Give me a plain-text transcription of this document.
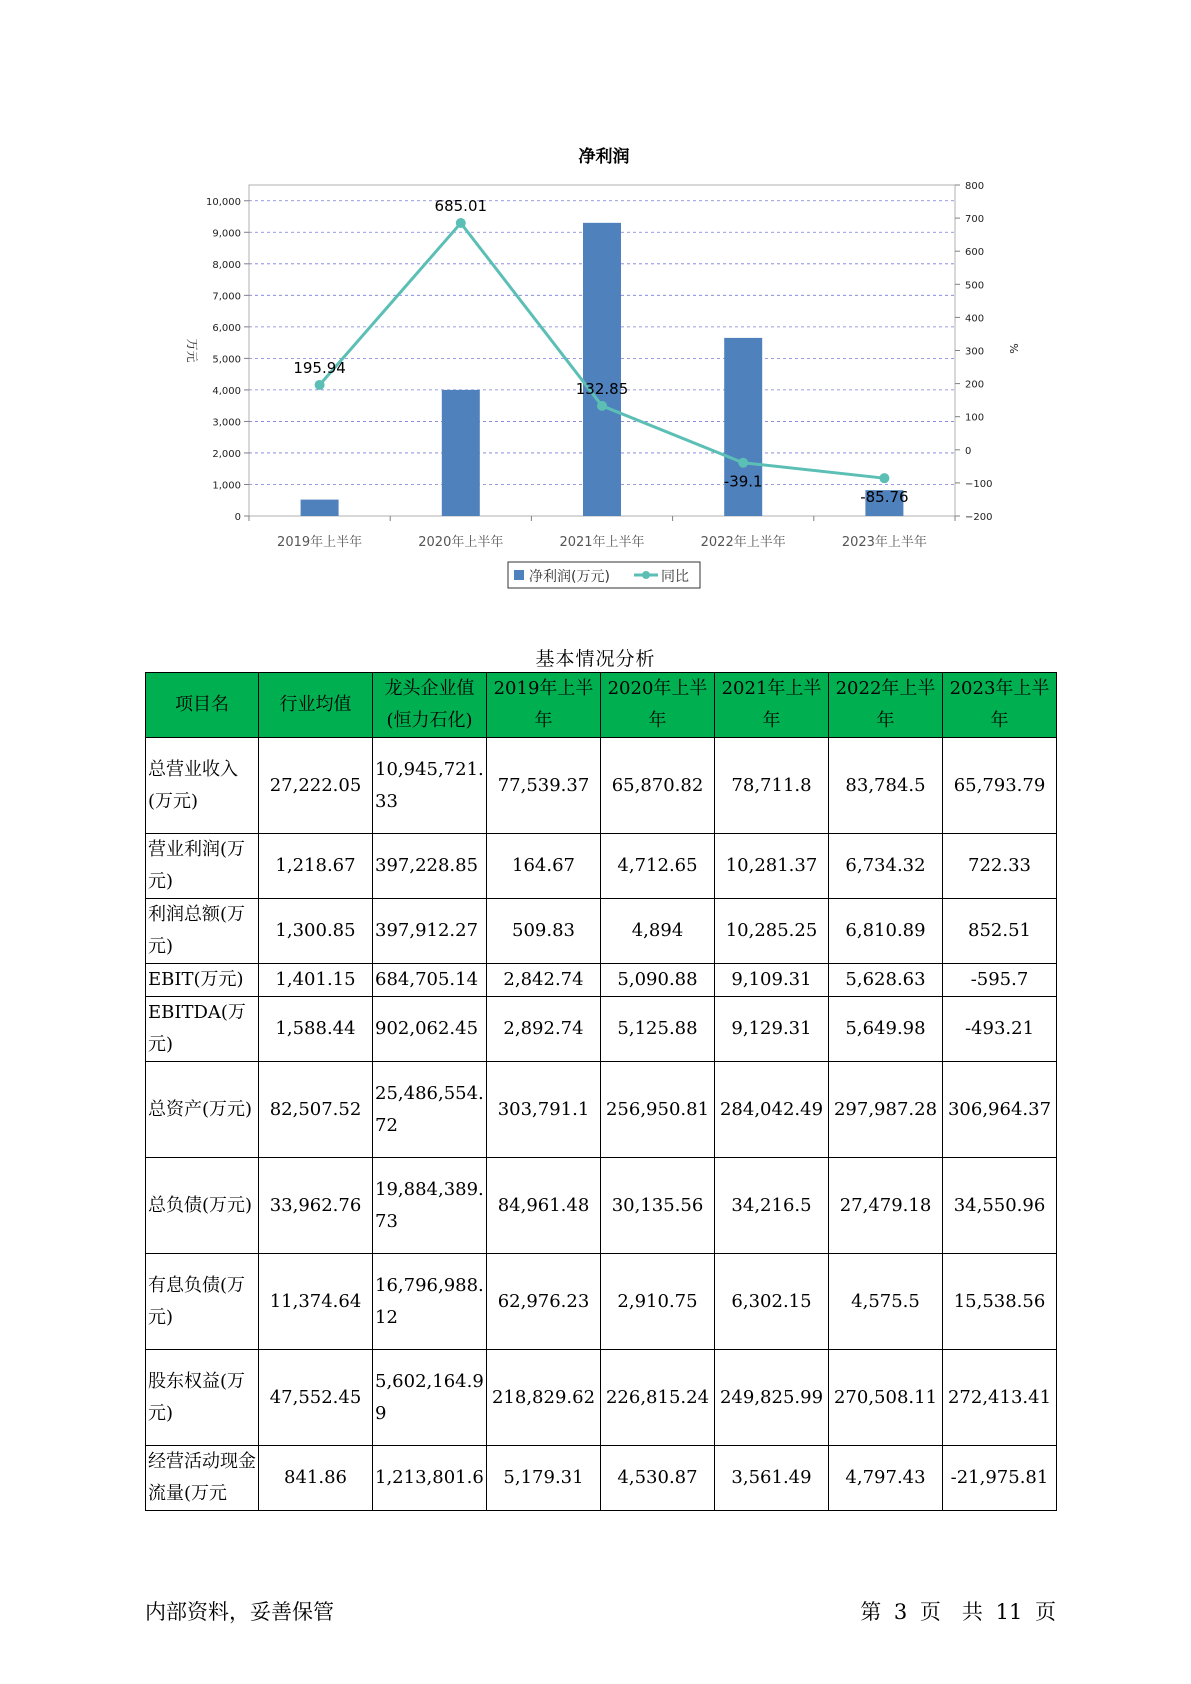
净利润
0
1,000
2,000
3,000
4,000
5,000
6,000
7,000
8,000
9,000
10,000
−200
−100
0
100
200
300
400
500
600
700
800
万元	%
2019年上半年	2020年上半年	2021年上半年	2022年上半年	2023年上半年
195.94
685.01
132.85
-39.1
-85.76
净利润(万元)	同比
基本情况分析
项目名	行业均值	龙头企业值(恒力石化)	2019年上半年	2020年上半年	2021年上半年	2022年上半年	2023年上半年
总营业收入(万元)	27,222.05	10,945,721.33	77,539.37	65,870.82	78,711.8	83,784.5	65,793.79
营业利润(万元)	1,218.67	397,228.85	164.67	4,712.65	10,281.37	6,734.32	722.33
利润总额(万元)	1,300.85	397,912.27	509.83	4,894	10,285.25	6,810.89	852.51
EBIT(万元)	1,401.15	684,705.14	2,842.74	5,090.88	9,109.31	5,628.63	-595.7
EBITDA(万元)	1,588.44	902,062.45	2,892.74	5,125.88	9,129.31	5,649.98	-493.21
总资产(万元)	82,507.52	25,486,554.72	303,791.1	256,950.81	284,042.49	297,987.28	306,964.37
总负债(万元)	33,962.76	19,884,389.73	84,961.48	30,135.56	34,216.5	27,479.18	34,550.96
有息负债(万元)	11,374.64	16,796,988.12	62,976.23	2,910.75	6,302.15	4,575.5	15,538.56
股东权益(万元)	47,552.45	5,602,164.99	218,829.62	226,815.24	249,825.99	270,508.11	272,413.41
经营活动现金流量(万元	841.86	1,213,801.6	5,179.31	4,530.87	3,561.49	4,797.43	-21,975.81
内部资料，妥善保管	第 3 页　共 11 页
